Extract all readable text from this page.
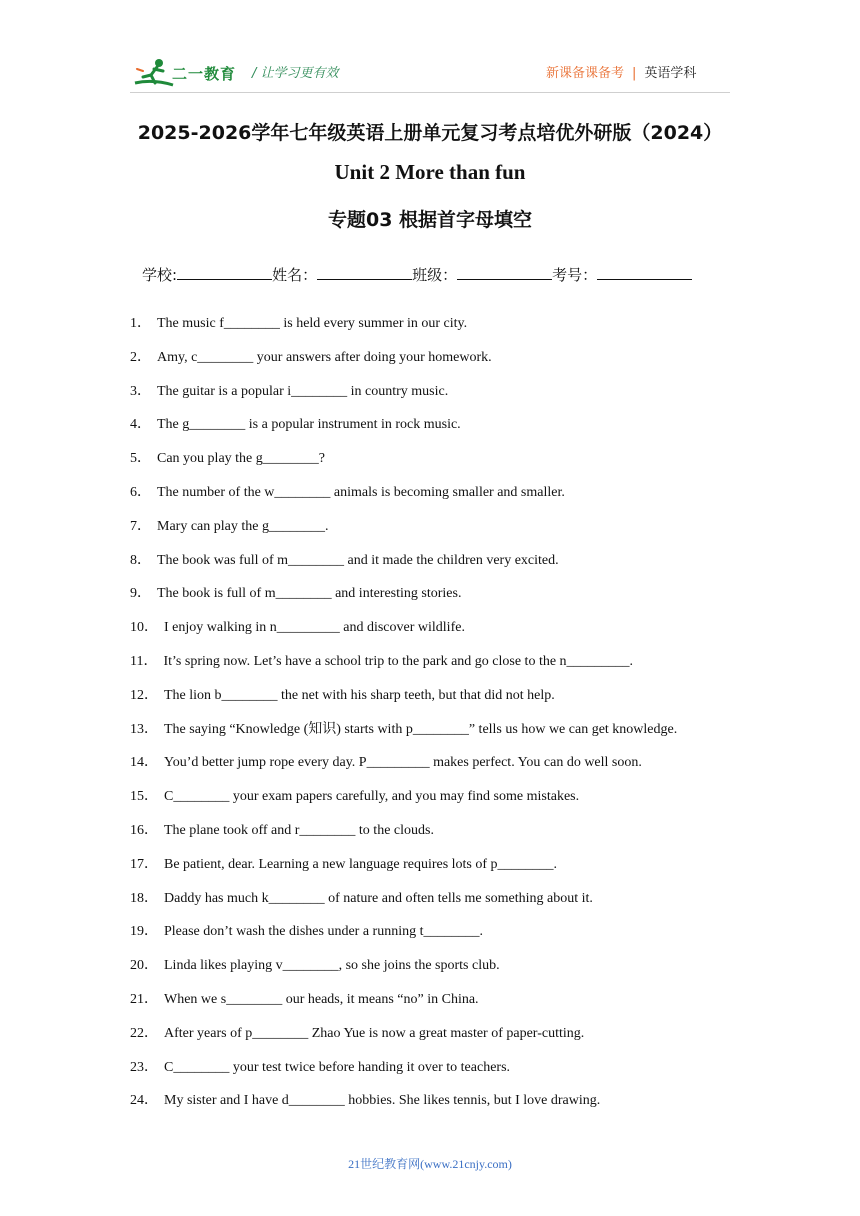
二一教育 / 让学习更有效	新课备课备考 | 英语学科
2025-2026学年七年级英语上册单元复习考点培优外研版（2024）
Unit 2 More than fun
专题03 根据首字母填空
学校:	姓名：	班级：	考号：
1． The music f________ is held every summer in our city.
2． Amy, c________ your answers after doing your homework.
3． The guitar is a popular i________ in country music.
4． The g________ is a popular instrument in rock music.
5． Can you play the g________?
6． The number of the w________ animals is becoming smaller and smaller.
7． Mary can play the g________.
8． The book was full of m________ and it made the children very excited.
9． The book is full of m________ and interesting stories.
10． I enjoy walking in n_________ and discover wildlife.
11． It’s spring now. Let’s have a school trip to the park and go close to the n_________.
12． The lion b________ the net with his sharp teeth, but that did not help.
13． The saying “Knowledge (知识) starts with p________” tells us how we can get knowledge.
14． You’d better jump rope every day. P_________ makes perfect. You can do well soon.
15． C________ your exam papers carefully, and you may find some mistakes.
16． The plane took off and r________ to the clouds.
17． Be patient, dear. Learning a new language requires lots of p________.
18． Daddy has much k________ of nature and often tells me something about it.
19． Please don’t wash the dishes under a running t________.
20． Linda likes playing v________, so she joins the sports club.
21． When we s________ our heads, it means “no” in China.
22． After years of p________ Zhao Yue is now a great master of paper-cutting.
23． C________ your test twice before handing it over to teachers.
24． My sister and I have d________ hobbies. She likes tennis, but I love drawing.
21世纪教育网(www.21cnjy.com)
